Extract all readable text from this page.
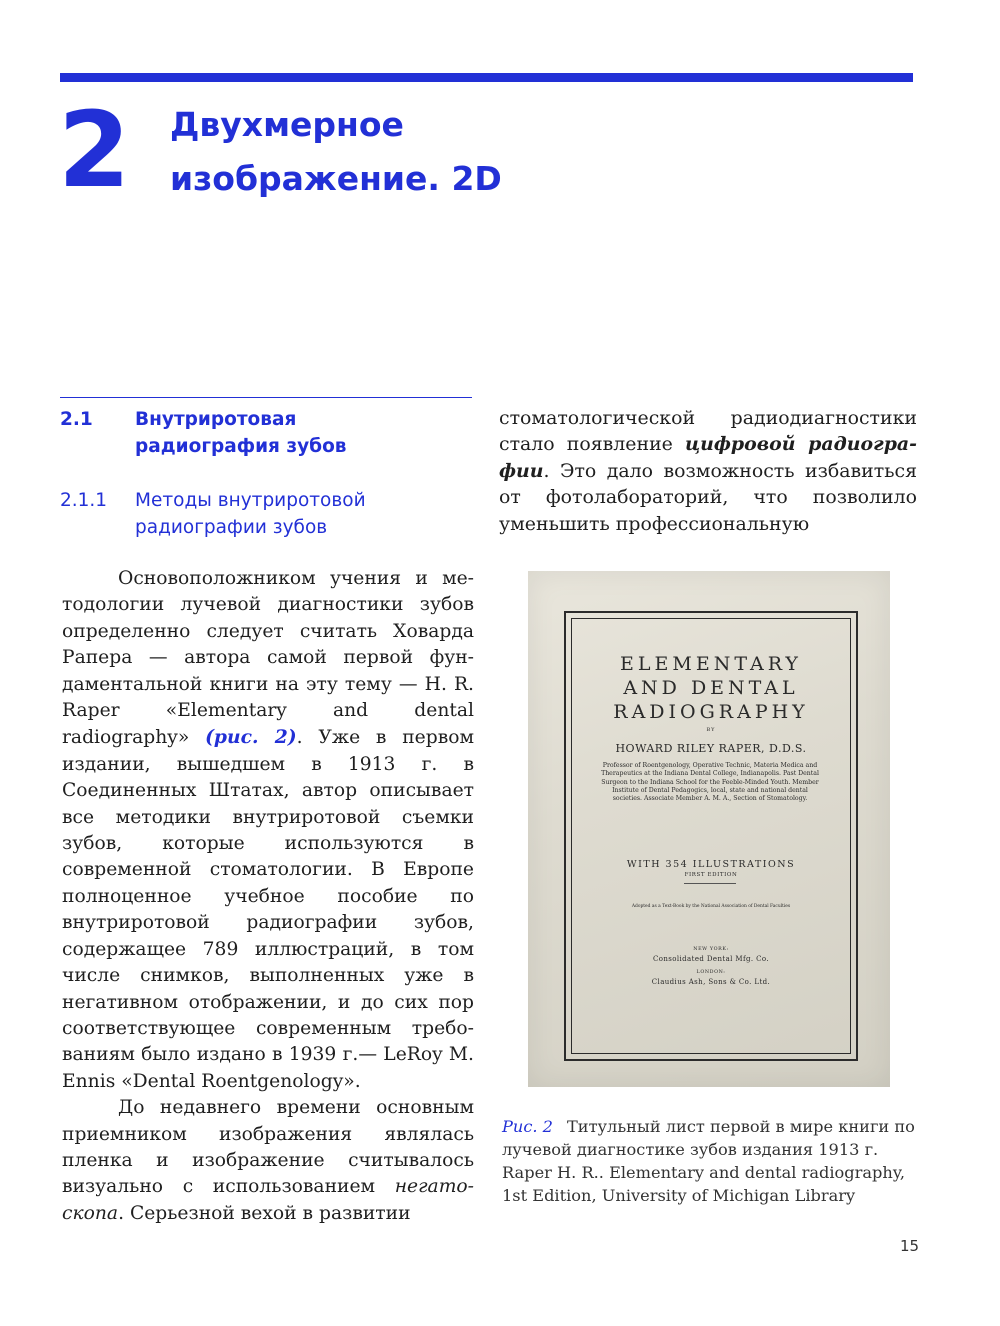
2 Двухмерное
изображение. 2D
2.1 Внутриротовая
радиография зубов
2.1.1 Методы внутриротовой
радиографии зубов

Основоположником учения и методологии лучевой диагностики зубов определенно следует считать Ховарда Рапера — автора самой первой фундаментальной книги на эту тему — H. R. Raper «Elementary and dental radiography» (рис. 2). Уже в первом издании, вышедшем в 1913 г. в Соединенных Штатах, автор описывает все методики внутриротовой съемки зубов, которые используются в современной стоматологии. В Европе полноценное учебное пособие по внутриротовой радиографии зубов, содержащее 789 иллюстраций, в том числе снимков, выполненных уже в негативном отображении, и до сих пор соответствующее современным требованиям было издано в 1939 г.— LeRoy M. Ennis «Dental Roentgenology».

До недавнего времени основным приемником изображения являлась пленка и изображение считывалось визуально с использованием негатоскопа. Серьезной вехой в развитии

стоматологической радиодиагностики стало появление цифровой радиографии. Это дало возможность избавиться от фотолабораторий, что позволило уменьшить профессиональную

ELEMENTARY
AND DENTAL
RADIOGRAPHY
BY
HOWARD RILEY RAPER, D.D.S.
Professor of Roentgenology, Operative Technic, Materia Medica and Therapeutics at the Indiana Dental College, Indianapolis. Past Dental Surgeon to the Indiana School for the Feeble-Minded Youth. Member Institute of Dental Pedagogics, local, state and national dental societies. Associate Member A. M. A., Section of Stomatology.
WITH 354 ILLUSTRATIONS
FIRST EDITION
Adopted as a Text-Book by the National Association of Dental Faculties
NEW YORK:
Consolidated Dental Mfg. Co.
LONDON:
Claudius Ash, Sons & Co. Ltd.

Рис. 2 Титульный лист первой в мире книги по лучевой диагностике зубов издания 1913 г. Raper H. R.. Elementary and dental radiography, 1st Edition, University of Michigan Library

15
